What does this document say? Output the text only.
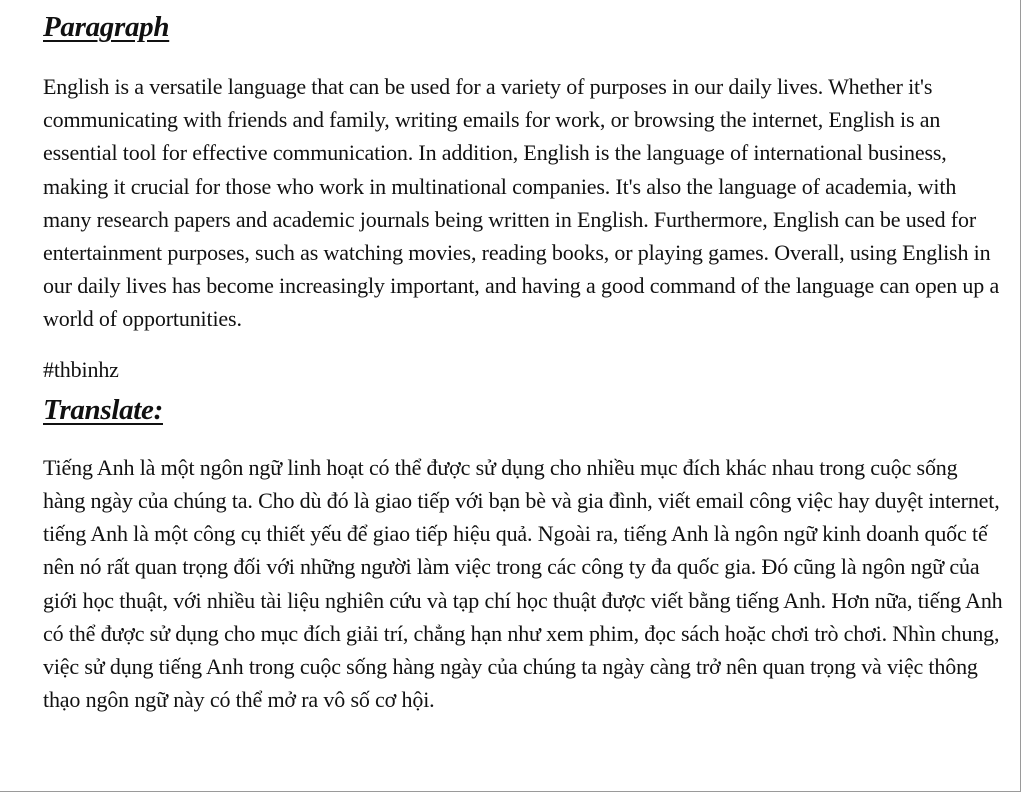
Paragraph

English is a versatile language that can be used for a variety of purposes in our daily lives. Whether it's communicating with friends and family, writing emails for work, or browsing the internet, English is an essential tool for effective communication. In addition, English is the language of international business, making it crucial for those who work in multinational companies. It's also the language of academia, with many research papers and academic journals being written in English. Furthermore, English can be used for entertainment purposes, such as watching movies, reading books, or playing games. Overall, using English in our daily lives has become increasingly important, and having a good command of the language can open up a world of opportunities.

#thbinhz

Translate:

Tiếng Anh là một ngôn ngữ linh hoạt có thể được sử dụng cho nhiều mục đích khác nhau trong cuộc sống hàng ngày của chúng ta. Cho dù đó là giao tiếp với bạn bè và gia đình, viết email công việc hay duyệt internet, tiếng Anh là một công cụ thiết yếu để giao tiếp hiệu quả. Ngoài ra, tiếng Anh là ngôn ngữ kinh doanh quốc tế nên nó rất quan trọng đối với những người làm việc trong các công ty đa quốc gia. Đó cũng là ngôn ngữ của giới học thuật, với nhiều tài liệu nghiên cứu và tạp chí học thuật được viết bằng tiếng Anh. Hơn nữa, tiếng Anh có thể được sử dụng cho mục đích giải trí, chẳng hạn như xem phim, đọc sách hoặc chơi trò chơi. Nhìn chung, việc sử dụng tiếng Anh trong cuộc sống hàng ngày của chúng ta ngày càng trở nên quan trọng và việc thông thạo ngôn ngữ này có thể mở ra vô số cơ hội.
